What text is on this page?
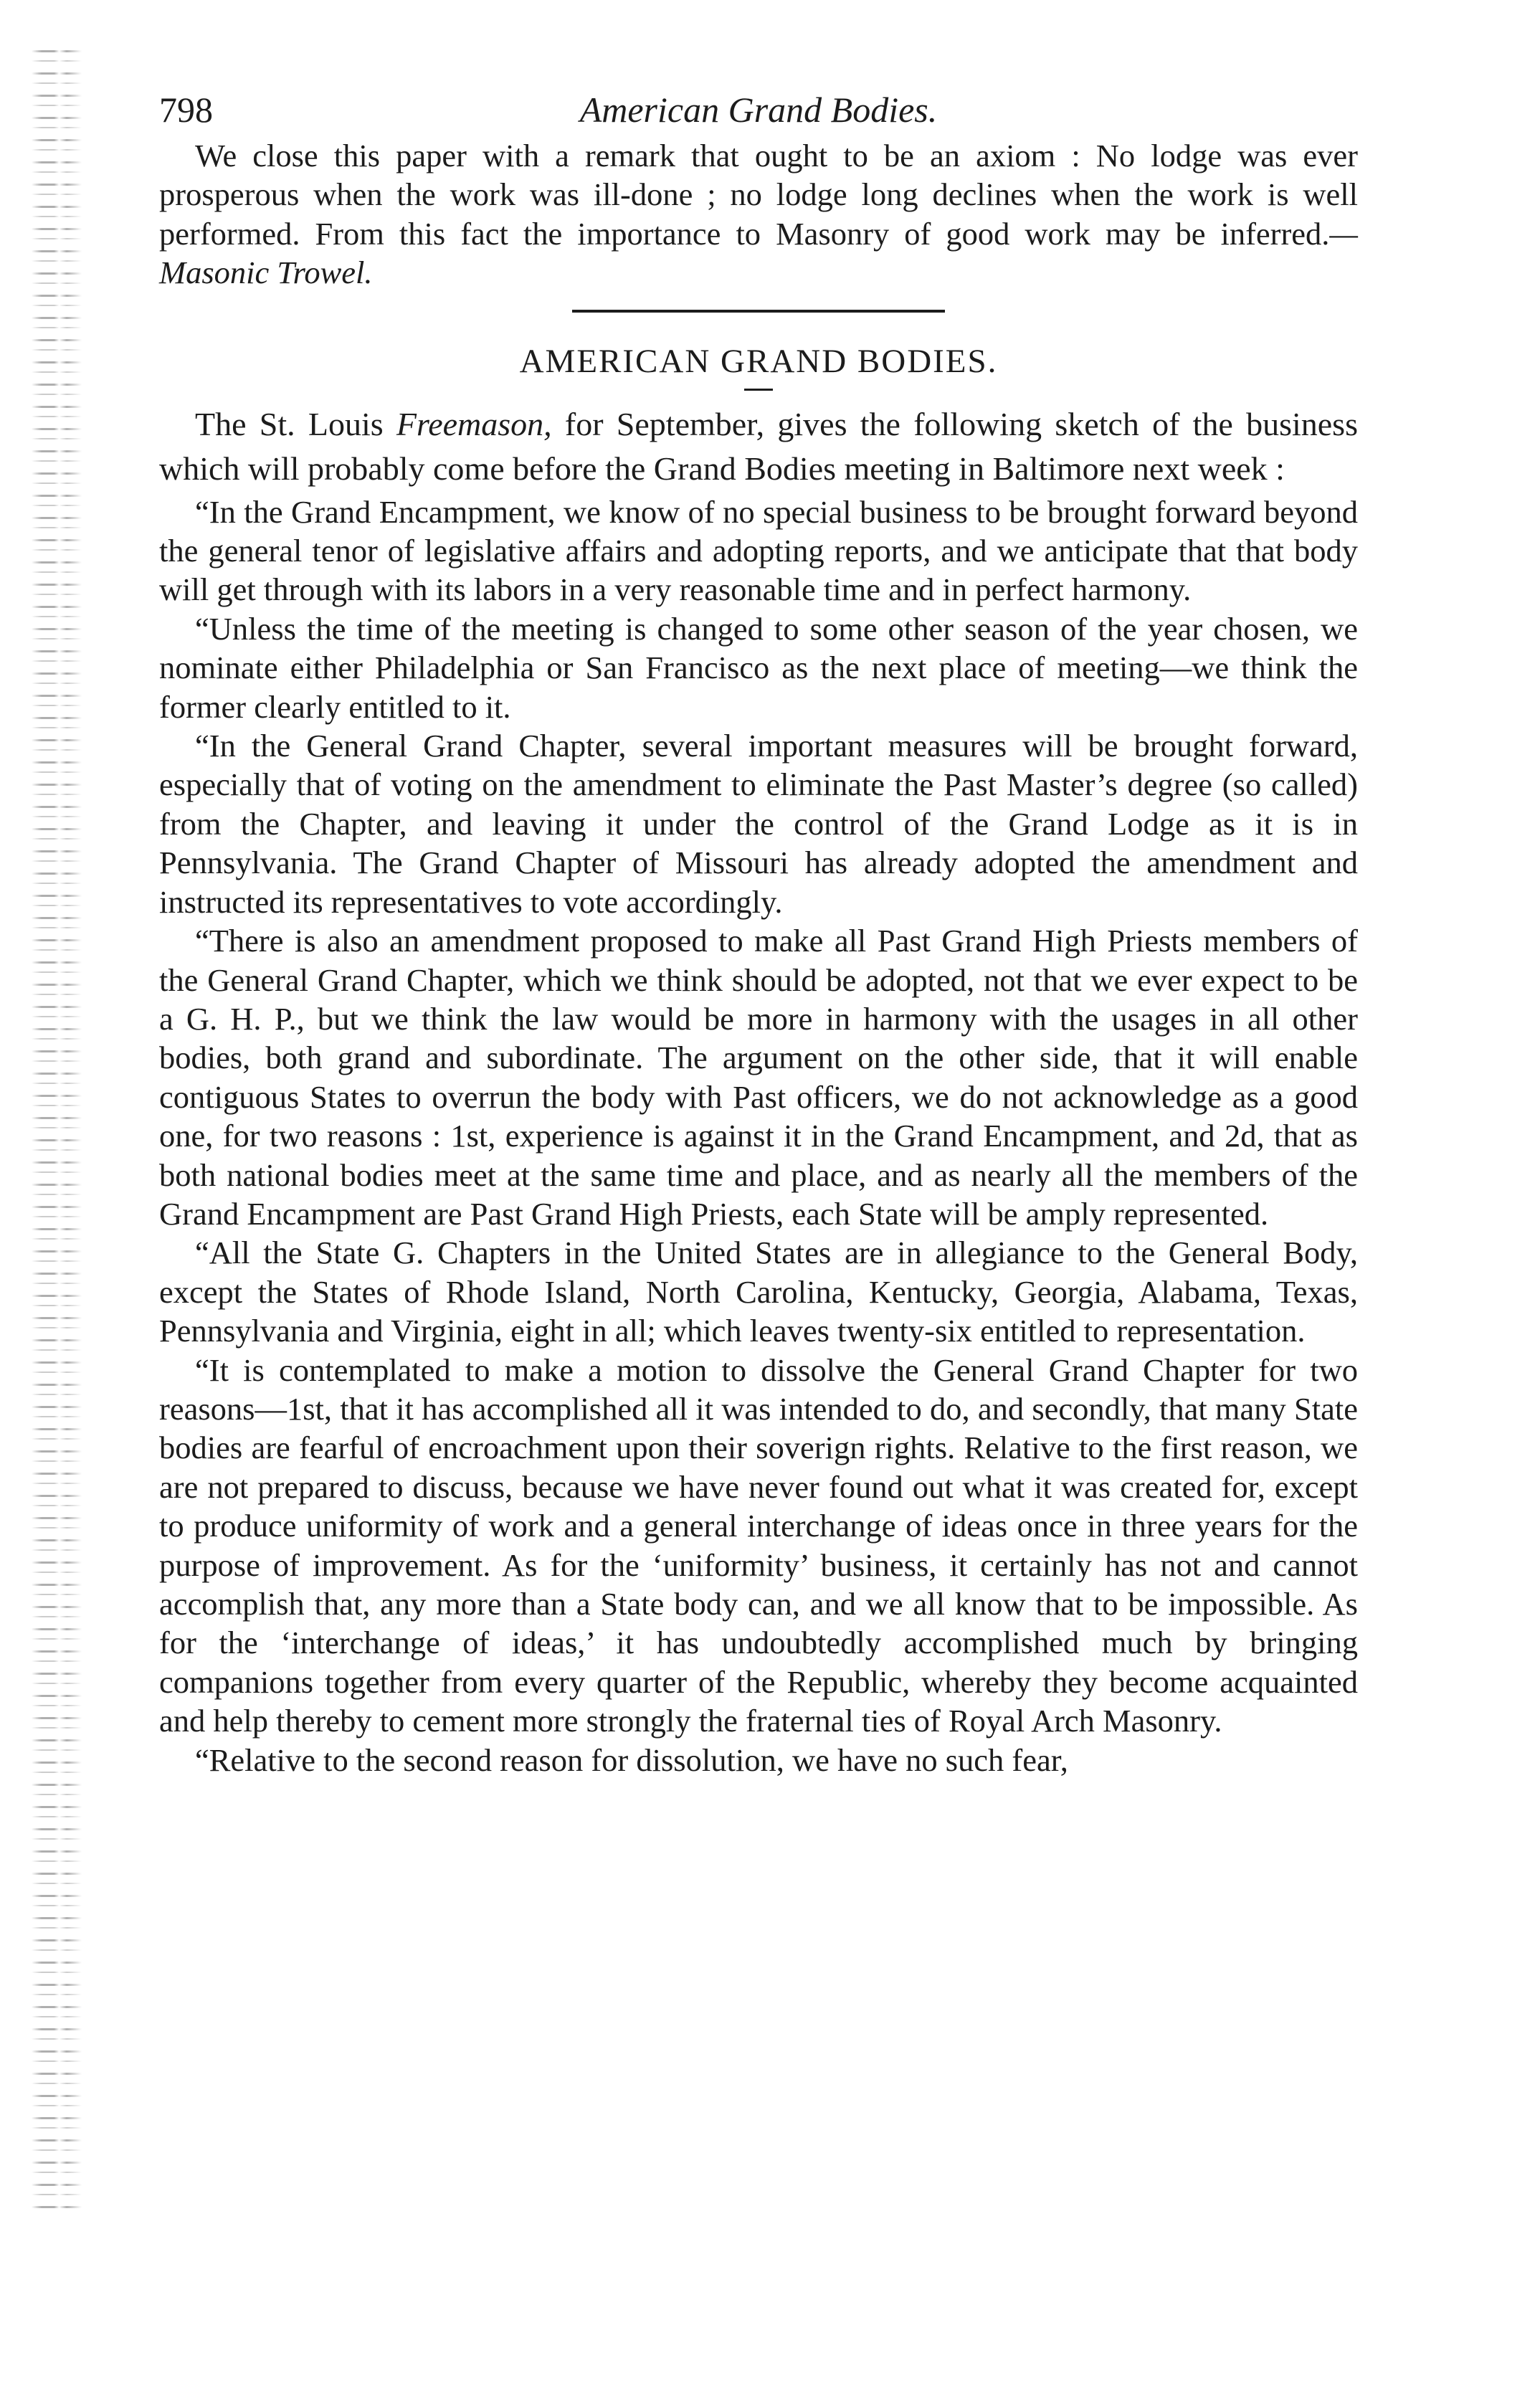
798	American Grand Bodies.

We close this paper with a remark that ought to be an axiom : No lodge was ever prosperous when the work was ill-done ; no lodge long declines when the work is well performed. From this fact the importance to Masonry of good work may be inferred.—Masonic Trowel.

AMERICAN GRAND BODIES.

The St. Louis Freemason, for September, gives the following sketch of the business which will probably come before the Grand Bodies meeting in Baltimore next week :

“In the Grand Encampment, we know of no special business to be brought forward beyond the general tenor of legislative affairs and adopting reports, and we anticipate that that body will get through with its labors in a very reasonable time and in perfect harmony.

“Unless the time of the meeting is changed to some other season of the year chosen, we nominate either Philadelphia or San Francisco as the next place of meeting—we think the former clearly entitled to it.

“In the General Grand Chapter, several important measures will be brought forward, especially that of voting on the amendment to eliminate the Past Master’s degree (so called) from the Chapter, and leaving it under the control of the Grand Lodge as it is in Pennsylvania. The Grand Chapter of Missouri has already adopted the amendment and instructed its representatives to vote accordingly.

“There is also an amendment proposed to make all Past Grand High Priests members of the General Grand Chapter, which we think should be adopted, not that we ever expect to be a G. H. P., but we think the law would be more in harmony with the usages in all other bodies, both grand and subordinate. The argument on the other side, that it will enable contiguous States to overrun the body with Past officers, we do not acknowledge as a good one, for two reasons : 1st, experience is against it in the Grand Encampment, and 2d, that as both national bodies meet at the same time and place, and as nearly all the members of the Grand Encampment are Past Grand High Priests, each State will be amply represented.

“All the State G. Chapters in the United States are in allegiance to the General Body, except the States of Rhode Island, North Carolina, Kentucky, Georgia, Alabama, Texas, Pennsylvania and Virginia, eight in all; which leaves twenty-six entitled to representation.

“It is contemplated to make a motion to dissolve the General Grand Chapter for two reasons—1st, that it has accomplished all it was intended to do, and secondly, that many State bodies are fearful of encroachment upon their soverign rights. Relative to the first reason, we are not prepared to discuss, because we have never found out what it was created for, except to produce uniformity of work and a general interchange of ideas once in three years for the purpose of improvement. As for the ‘uniformity’ business, it certainly has not and cannot accomplish that, any more than a State body can, and we all know that to be impossible. As for the ‘interchange of ideas,’ it has undoubtedly accomplished much by bringing companions together from every quarter of the Republic, whereby they become acquainted and help thereby to cement more strongly the fraternal ties of Royal Arch Masonry.

“Relative to the second reason for dissolution, we have no such fear,
